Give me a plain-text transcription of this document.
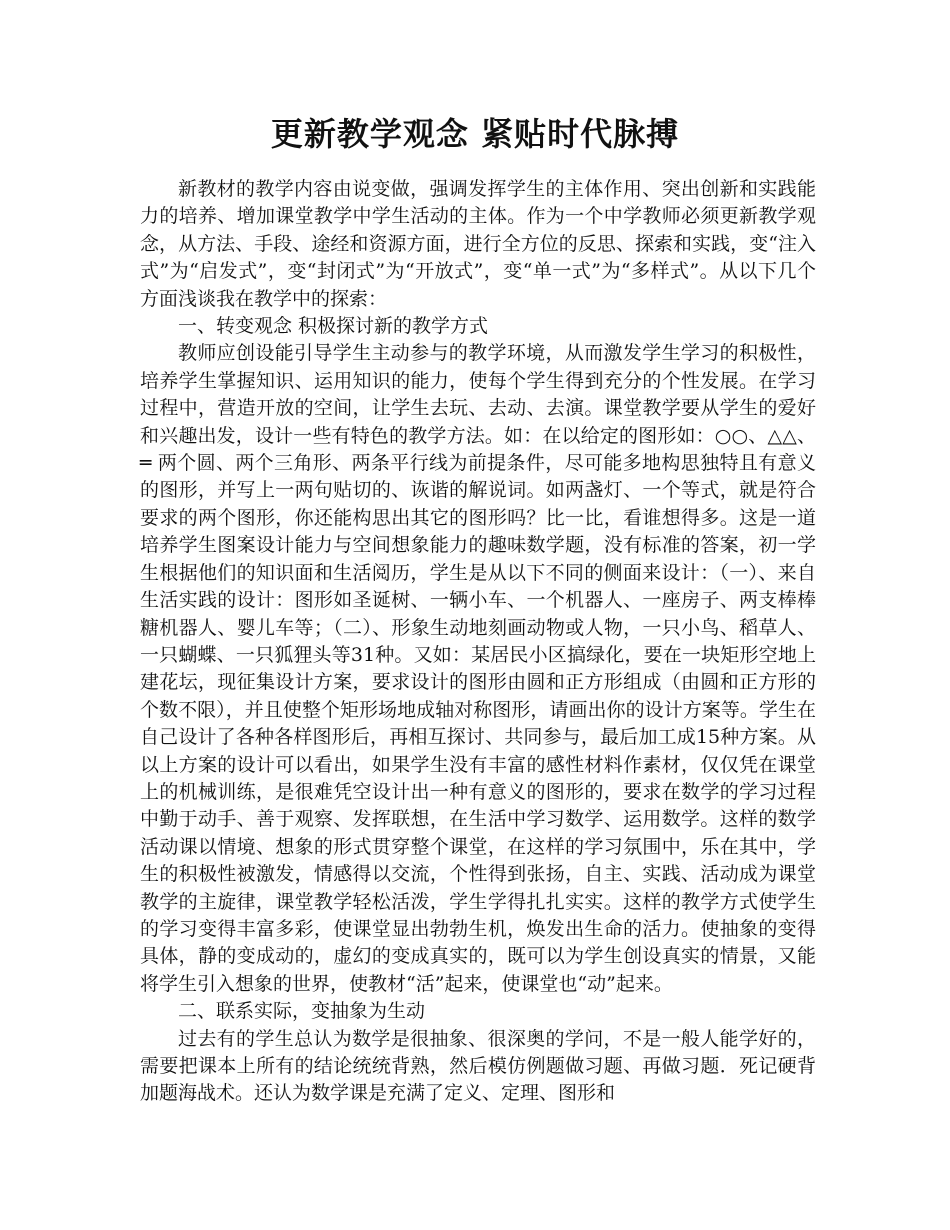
更新教学观念 紧贴时代脉搏

新教材的教学内容由说变做，强调发挥学生的主体作用、突出创新和实践能力的培养、增加课堂教学中学生活动的主体。作为一个中学教师必须更新教学观念，从方法、手段、途经和资源方面，进行全方位的反思、探索和实践，变“注入式”为“启发式”，变“封闭式”为“开放式”，变“单一式”为“多样式”。从以下几个方面浅谈我在教学中的探索：

一、转变观念 积极探讨新的教学方式

教师应创设能引导学生主动参与的教学环境，从而激发学生学习的积极性，培养学生掌握知识、运用知识的能力，使每个学生得到充分的个性发展。在学习过程中，营造开放的空间，让学生去玩、去动、去演。课堂教学要从学生的爱好和兴趣出发，设计一些有特色的教学方法。如：在以给定的图形如：○○、△△、═ 两个圆、两个三角形、两条平行线为前提条件，尽可能多地构思独特且有意义的图形，并写上一两句贴切的、诙谐的解说词。如两盏灯、一个等式，就是符合要求的两个图形，你还能构思出其它的图形吗？比一比，看谁想得多。这是一道培养学生图案设计能力与空间想象能力的趣味数学题，没有标准的答案，初一学生根据他们的知识面和生活阅历，学生是从以下不同的侧面来设计：（一）、来自生活实践的设计：图形如圣诞树、一辆小车、一个机器人、一座房子、两支棒棒糖机器人、婴儿车等；（二）、形象生动地刻画动物或人物，一只小鸟、稻草人、一只蝴蝶、一只狐狸头等31种。又如：某居民小区搞绿化，要在一块矩形空地上建花坛，现征集设计方案，要求设计的图形由圆和正方形组成（由圆和正方形的个数不限），并且使整个矩形场地成轴对称图形，请画出你的设计方案等。学生在自己设计了各种各样图形后，再相互探讨、共同参与，最后加工成15种方案。从以上方案的设计可以看出，如果学生没有丰富的感性材料作素材，仅仅凭在课堂上的机械训练，是很难凭空设计出一种有意义的图形的，要求在数学的学习过程中勤于动手、善于观察、发挥联想，在生活中学习数学、运用数学。这样的数学活动课以情境、想象的形式贯穿整个课堂，在这样的学习氛围中，乐在其中，学生的积极性被激发，情感得以交流，个性得到张扬，自主、实践、活动成为课堂教学的主旋律，课堂教学轻松活泼，学生学得扎扎实实。这样的教学方式使学生的学习变得丰富多彩，使课堂显出勃勃生机，焕发出生命的活力。使抽象的变得具体，静的变成动的，虚幻的变成真实的，既可以为学生创设真实的情景，又能将学生引入想象的世界，使教材“活”起来，使课堂也“动”起来。

二、联系实际，变抽象为生动

过去有的学生总认为数学是很抽象、很深奥的学问，不是一般人能学好的，需要把课本上所有的结论统统背熟，然后模仿例题做习题、再做习题．死记硬背加题海战术。还认为数学课是充满了定义、定理、图形和
